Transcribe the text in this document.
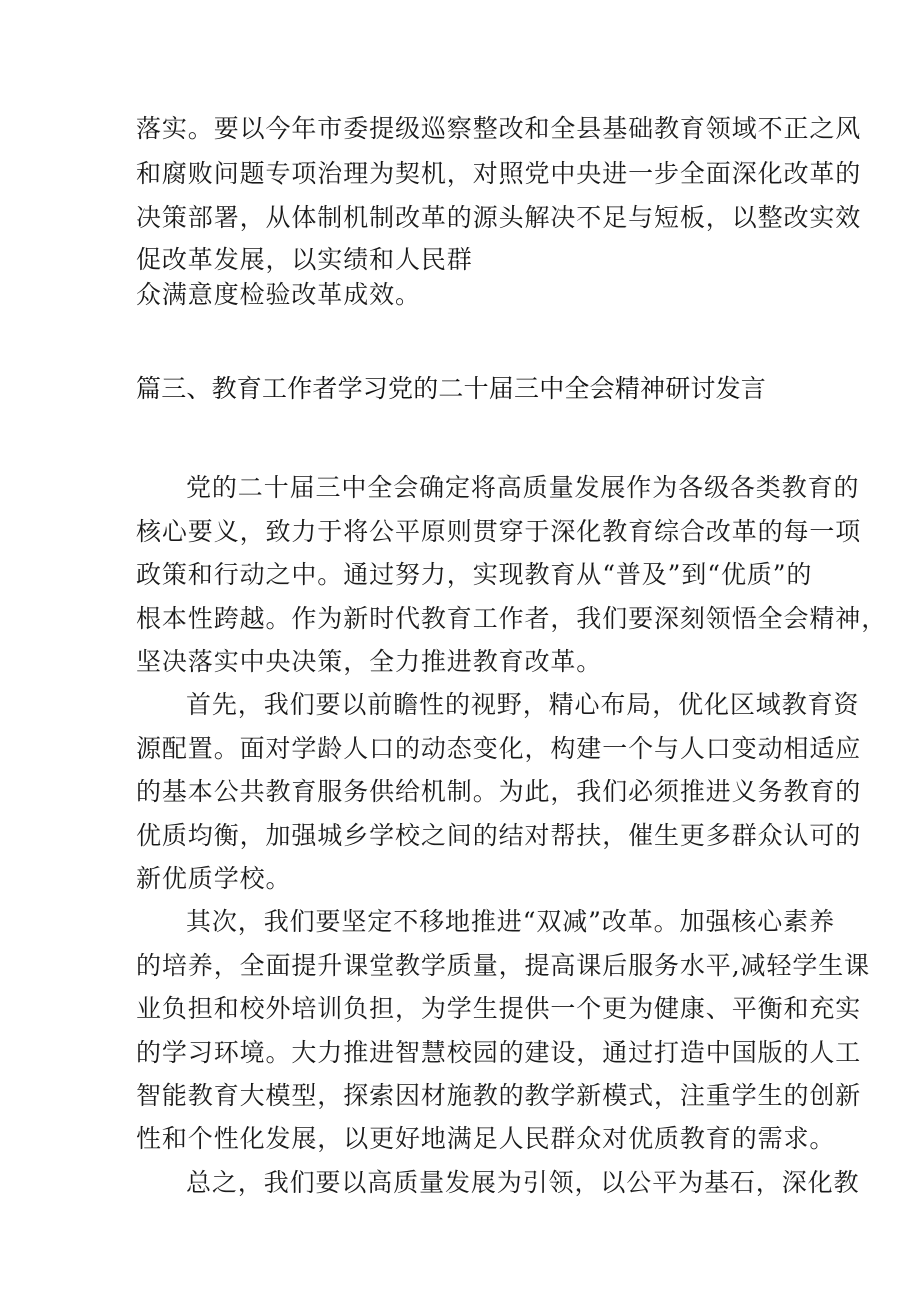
落实。要以今年市委提级巡察整改和全县基础教育领域不正之风
和腐败问题专项治理为契机，对照党中央进一步全面深化改革的
决策部署，从体制机制改革的源头解决不足与短板，以整改实效
促改革发展，以实绩和人民群
众满意度检验改革成效。
篇三、教育工作者学习党的二十届三中全会精神研讨发言
党的二十届三中全会确定将高质量发展作为各级各类教育的
核心要义，致力于将公平原则贯穿于深化教育综合改革的每一项
政策和行动之中。通过努力，实现教育从“普及”到“优质”的
根本性跨越。作为新时代教育工作者，我们要深刻领悟全会精神，
坚决落实中央决策，全力推进教育改革。
首先，我们要以前瞻性的视野，精心布局，优化区域教育资
源配置。面对学龄人口的动态变化，构建一个与人口变动相适应
的基本公共教育服务供给机制。为此，我们必须推进义务教育的
优质均衡，加强城乡学校之间的结对帮扶，催生更多群众认可的
新优质学校。
其次，我们要坚定不移地推进“双减”改革。加强核心素养
的培养，全面提升课堂教学质量，提高课后服务水平,减轻学生课
业负担和校外培训负担，为学生提供一个更为健康、平衡和充实
的学习环境。大力推进智慧校园的建设，通过打造中国版的人工
智能教育大模型，探索因材施教的教学新模式，注重学生的创新
性和个性化发展，以更好地满足人民群众对优质教育的需求。
总之，我们要以高质量发展为引领，以公平为基石，深化教
